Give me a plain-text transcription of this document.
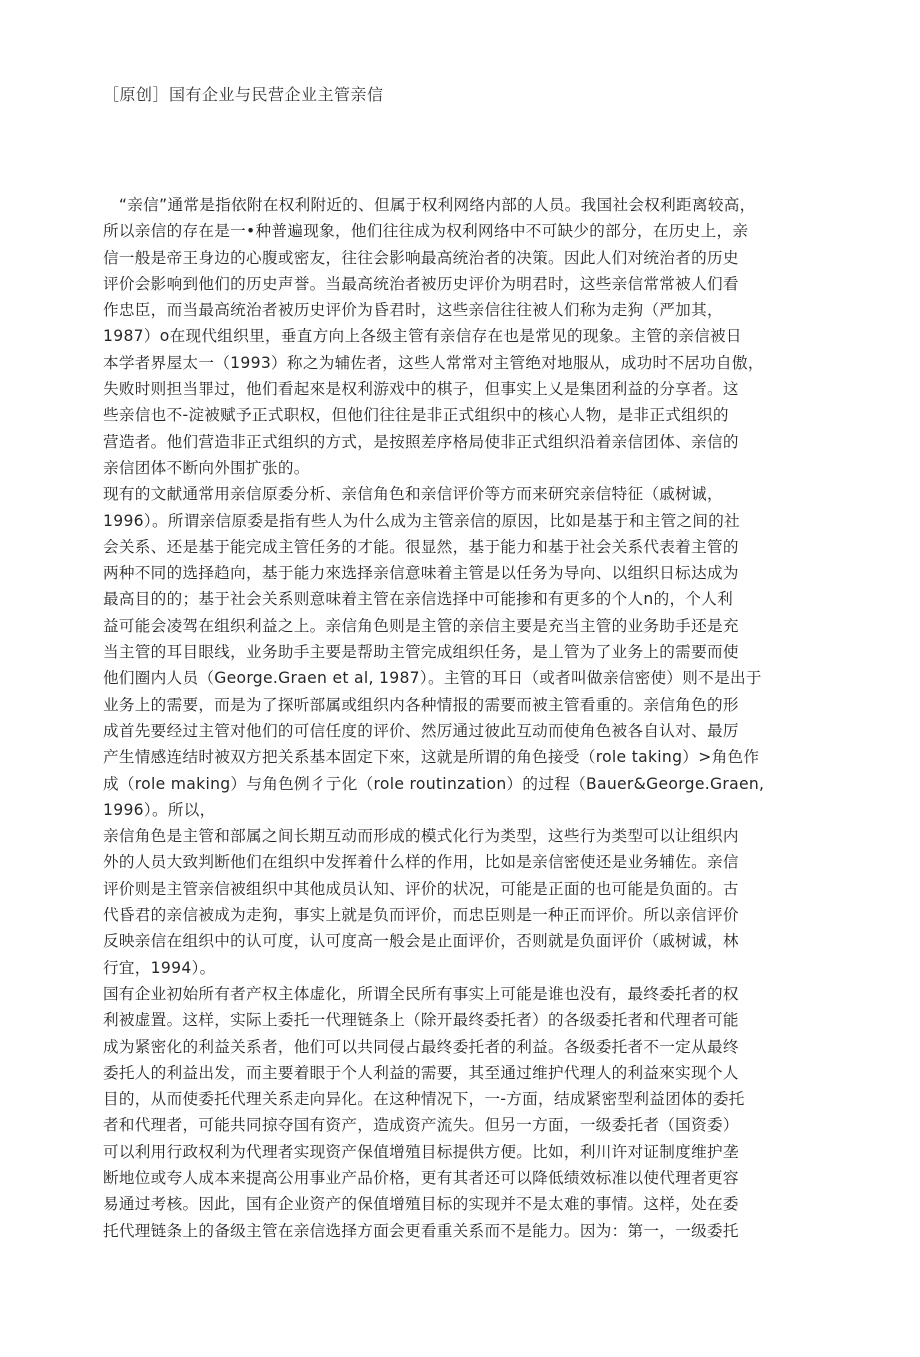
［原创］国有企业与民营企业主管亲信
　“亲信”通常是指依附在权利附近的、但属于权利网络内部的人员。我国社会权利距离较高，
所以亲信的存在是一•种普遍现象，他们往往成为权利网络中不可缺少的部分，在历史上，亲
信一般是帝王身边的心腹或密友，往往会影响最高统治者的决策。因此人们对统治者的历史
评价会影响到他们的历史声誉。当最高统治者被历史评价为明君时，这些亲信常常被人们看
作忠臣，而当最高统治者被历史评价为昏君时，这些亲信往往被人们称为走狗（严加其，
1987）o在现代组织里，垂直方向上各级主管有亲信存在也是常见的现象。主管的亲信被日
本学者界屋太一（1993）称之为辅佐者，这些人常常对主管绝对地服从，成功时不居功自傲，
失败时则担当罪过，他们看起來是权利游戏中的棋子，但事实上乂是集团利益的分享者。这
些亲信也不-淀被赋予正式职权，但他们往往是非正式组织中的核心人物，是非正式组织的
营造者。他们营造非正式组织的方式，是按照差序格局使非正式组织沿着亲信团体、亲信的
亲信团体不断向外围扩张的。
现有的文献通常用亲信原委分析、亲信角色和亲信评价等方而来研究亲信特征（戚树诚，
1996）。所谓亲信原委是指有些人为什么成为主管亲信的原因，比如是基于和主管之间的社
会关系、还是基于能完成主管任务的才能。很显然，基于能力和基于社会关系代表着主管的
两种不同的选择趋向，基于能力來选择亲信意味着主管是以任务为导向、以组织日标达成为
最高目的的；基于社会关系则意味着主管在亲信选择中可能掺和有更多的个人n的，个人利
益可能会凌驾在组织利益之上。亲信角色则是主管的亲信主要是充当主管的业务助手还是充
当主管的耳目眼线，业务助手主要是帮助主管完成组织任务，是丄管为了业务上的需要而使
他们圈内人员（George.Graen et al, 1987）。主管的耳日（或者叫做亲信密使）则不是出于
业务上的需要，而是为了探听部属或组织内各种情报的需要而被主管看重的。亲信角色的形
成首先要经过主管对他们的可信任度的评价、然厉通过彼此互动而使角色被各自认对、最厉
产生情感连结时被双方把关系基本固定下來，这就是所谓的角色接受（role taking）>角色作
成（role making）与角色例彳亍化（role routinzation）的过程（Bauer&George.Graen,
1996）。所以，
亲信角色是主管和部属之间长期互动而形成的模式化行为类型，这些行为类型可以让组织内
外的人员大致判断他们在组织中发挥着什么样的作用，比如是亲信密使还是业务辅佐。亲信
评价则是主管亲信被组织中其他成员认知、评价的状况，可能是正面的也可能是负面的。古
代昏君的亲信被成为走狗，事实上就是负而评价，而忠臣则是一种正而评价。所以亲信评价
反映亲信在组织中的认可度，认可度高一般会是止面评价，否则就是负面评价（戚树诚，林
行宜，1994）。
国有企业初始所有者产权主体虚化，所谓全民所有事实上可能是谁也没有，最终委托者的权
利被虚置。这样，实际上委托一代理链条上（除开最终委托者）的各级委托者和代理者可能
成为紧密化的利益关系者，他们可以共同侵占最终委托者的利益。各级委托者不一定从最终
委托人的利益出发，而主要着眼于个人利益的需要，其至通过维护代理人的利益來实现个人
目的，从而使委托代理关系走向异化。在这种情况下，一-方面，结成紧密型利益团体的委托
者和代理者，可能共同掠夺国有资产，造成资产流失。但另一方面，一级委托者（国资委）
可以利用行政权利为代理者实现资产保值增殖目标提供方便。比如，利川许对证制度维护垄
断地位或夸人成本来提高公用事业产品价格，更有其者还可以降低绩效标准以使代理者更容
易通过考核。因此，国有企业资产的保值增殖目标的实现并不是太难的事情。这样，处在委
托代理链条上的备级主管在亲信选择方面会更看重关系而不是能力。因为：第一，一级委托
